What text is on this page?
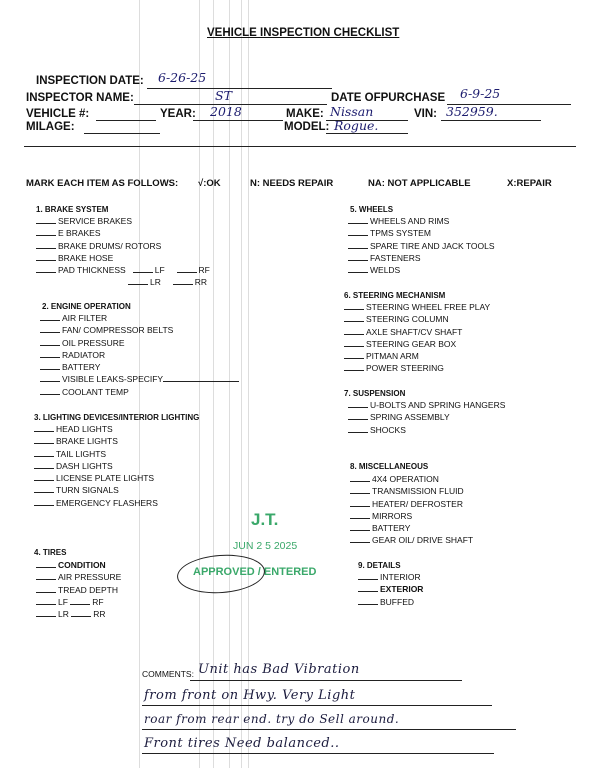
VEHICLE INSPECTION CHECKLIST
INSPECTION DATE: 6-26-25
INSPECTOR NAME:	ST	DATE OFPURCHASE 6-9-25
VEHICLE #:	YEAR: 2018	MAKE: Nissan	VIN: 352959.
MILAGE:	MODEL: Rogue.
MARK EACH ITEM AS FOLLOWS: √:OK	N: NEEDS REPAIR	NA: NOT APPLICABLE	X:REPAIR
1. BRAKE SYSTEM
SERVICE BRAKES
E BRAKES
BRAKE DRUMS/ ROTORS
BRAKE HOSE
PAD THICKNESS	LF	RF
LR	RR
2. ENGINE OPERATION
AIR FILTER
FAN/ COMPRESSOR BELTS
OIL PRESSURE
RADIATOR
BATTERY
VISIBLE LEAKS-SPECIFY
COOLANT TEMP
3. LIGHTING DEVICES/INTERIOR LIGHTING
HEAD LIGHTS
BRAKE LIGHTS
TAIL LIGHTS
DASH LIGHTS
LICENSE PLATE LIGHTS
TURN SIGNALS
EMERGENCY FLASHERS
4. TIRES
CONDITION
AIR PRESSURE
TREAD DEPTH
LF	RF
LR	RR
5. WHEELS
WHEELS AND RIMS
TPMS SYSTEM
SPARE TIRE AND JACK TOOLS
FASTENERS
WELDS
6. STEERING MECHANISM
STEERING WHEEL FREE PLAY
STEERING COLUMN
AXLE SHAFT/CV SHAFT
STEERING GEAR BOX
PITMAN ARM
POWER STEERING
7. SUSPENSION
U-BOLTS AND SPRING HANGERS
SPRING ASSEMBLY
SHOCKS
8. MISCELLANEOUS
4X4 OPERATION
TRANSMISSION FLUID
HEATER/ DEFROSTER
MIRRORS
BATTERY
GEAR OIL/ DRIVE SHAFT
9. DETAILS
INTERIOR
EXTERIOR
BUFFED
J.T.
JUN 2 5 2025
APPROVED / ENTERED
COMMENTS: Unit has Bad Vibration
from front on Hwy. Very Light
roar from rear end. try do Sell around.
Front tires Need balanced..
